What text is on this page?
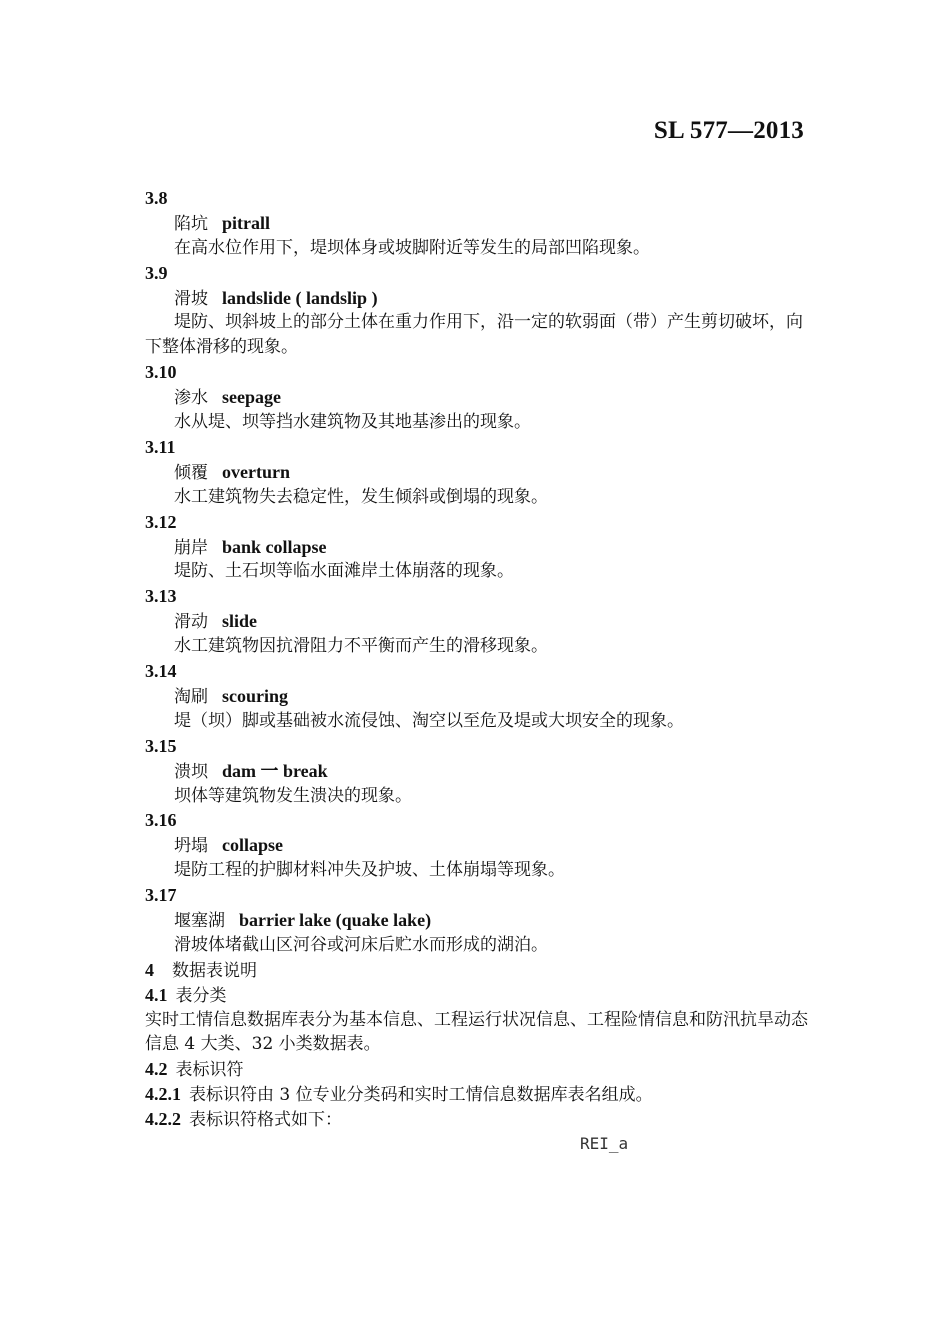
SL 577—2013
3.8
陷坑 pitrall
在高水位作用下，堤坝体身或坡脚附近等发生的局部凹陷现象。
3.9
滑坡 landslide ( landslip )
堤防、坝斜坡上的部分土体在重力作用下，沿一定的软弱面（带）产生剪切破坏，向下整体滑移的现象。
3.10
渗水 seepage
水从堤、坝等挡水建筑物及其地基渗出的现象。
3.11
倾覆 overturn
水工建筑物失去稳定性，发生倾斜或倒塌的现象。
3.12
崩岸 bank collapse
堤防、土石坝等临水面滩岸土体崩落的现象。
3.13
滑动 slide
水工建筑物因抗滑阻力不平衡而产生的滑移现象。
3.14
淘刷 scouring
堤（坝）脚或基础被水流侵蚀、淘空以至危及堤或大坝安全的现象。
3.15
溃坝 dam 一 break
坝体等建筑物发生溃决的现象。
3.16
坍塌 collapse
堤防工程的护脚材料冲失及护坡、土体崩塌等现象。
3.17
堰塞湖 barrier lake (quake lake)
滑坡体堵截山区河谷或河床后贮水而形成的湖泊。
4 数据表说明
4.1 表分类
实时工情信息数据库表分为基本信息、工程运行状况信息、工程险情信息和防汛抗旱动态信息 4 大类、32 小类数据表。
4.2 表标识符
4.2.1 表标识符由 3 位专业分类码和实时工情信息数据库表名组成。
4.2.2 表标识符格式如下：
REI_a
